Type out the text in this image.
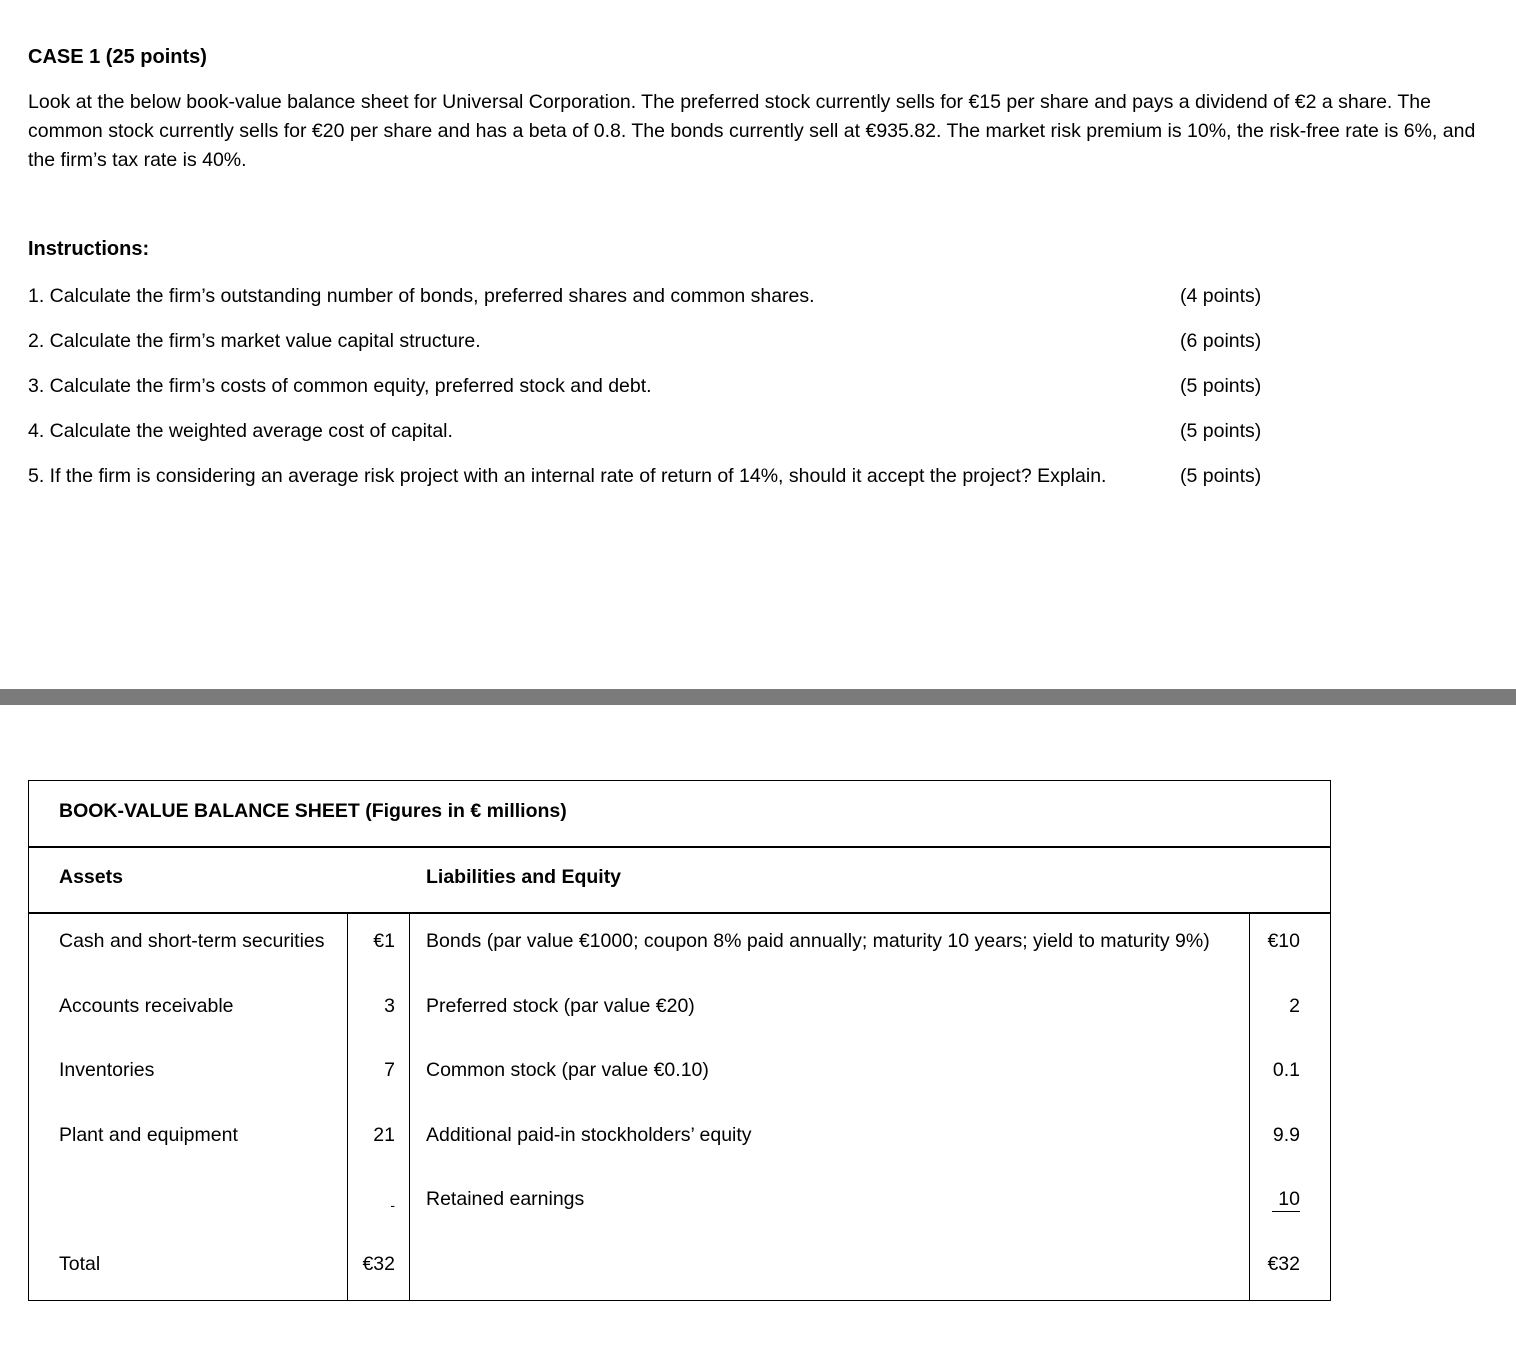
CASE 1 (25 points)

Look at the below book-value balance sheet for Universal Corporation. The preferred stock currently sells for €15 per share and pays a dividend of €2 a share. The common stock currently sells for €20 per share and has a beta of 0.8. The bonds currently sell at €935.82. The market risk premium is 10%, the risk-free rate is 6%, and the firm’s tax rate is 40%.

Instructions:
1. Calculate the firm’s outstanding number of bonds, preferred shares and common shares.	(4 points)
2. Calculate the firm’s market value capital structure.	(6 points)
3. Calculate the firm’s costs of common equity, preferred stock and debt.	(5 points)
4. Calculate the weighted average cost of capital.	(5 points)
5. If the firm is considering an average risk project with an internal rate of return of 14%, should it accept the project? Explain.	(5 points)
BOOK-VALUE BALANCE SHEET (Figures in € millions)
Assets	Liabilities and Equity
Cash and short-term securities	€1 Bonds (par value €1000; coupon 8% paid annually; maturity 10 years; yield to maturity 9%)	€10
Accounts receivable	3 Preferred stock (par value €20)	2
Inventories	7 Common stock (par value €0.10)	0.1
Plant and equipment	21 Additional paid-in stockholders’ equity	9.9
- Retained earnings	10
Total	€32	€32
